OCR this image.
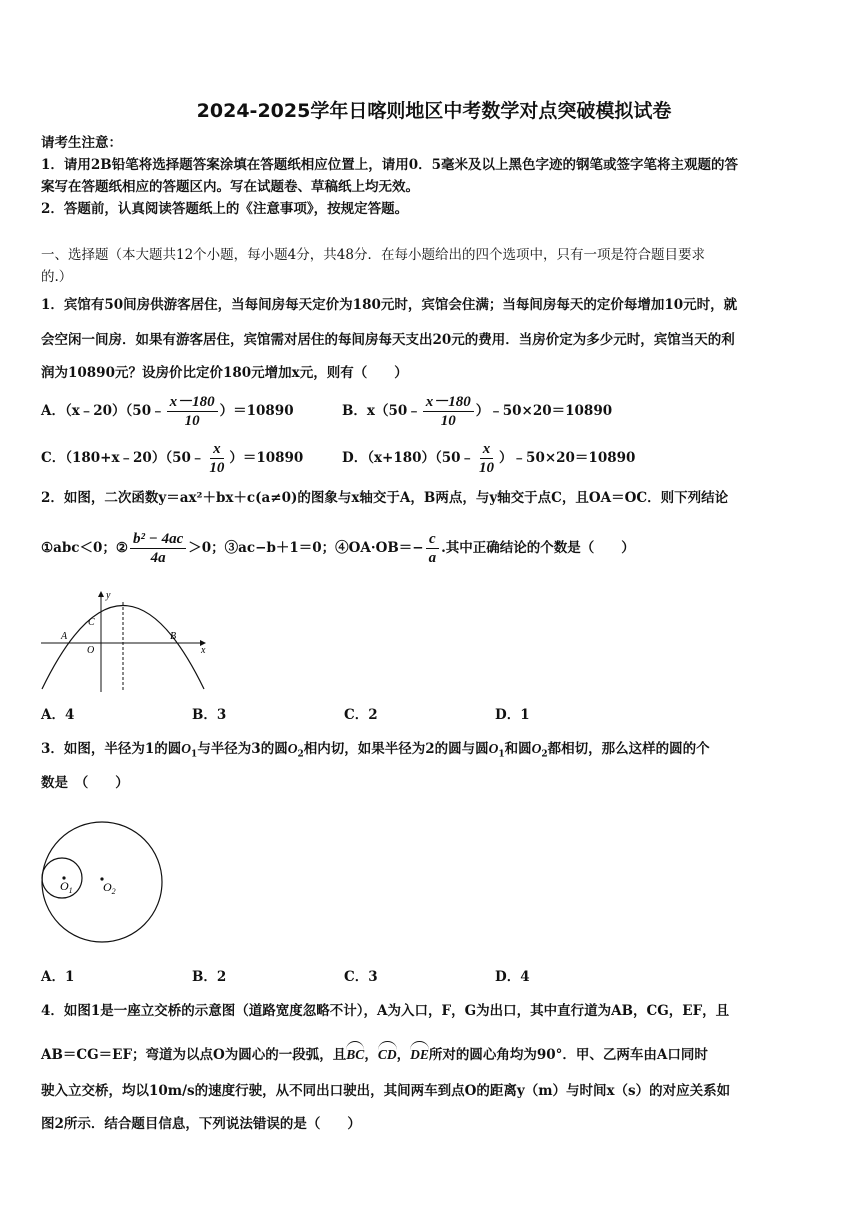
2024-2025学年日喀则地区中考数学对点突破模拟试卷
请考生注意：
1．请用2B铅笔将选择题答案涂填在答题纸相应位置上，请用0．5毫米及以上黑色字迹的钢笔或签字笔将主观题的答
案写在答题纸相应的答题区内。写在试题卷、草稿纸上均无效。
2．答题前，认真阅读答题纸上的《注意事项》，按规定答题。
一、选择题（本大题共12个小题，每小题4分，共48分．在每小题给出的四个选项中，只有一项是符合题目要求
的.）
1．宾馆有50间房供游客居住，当每间房每天定价为180元时，宾馆会住满；当每间房每天的定价每增加10元时，就
会空闲一间房．如果有游客居住，宾馆需对居住的每间房每天支出20元的费用．当房价定为多少元时，宾馆当天的利
润为10890元？设房价比定价180元增加x元，则有（　　）
A．（x﹣20）（50﹣ $\frac{x-180}{10} )=10890$	B．x（50﹣ $\frac{x-180}{10}$ ）﹣50×20＝10890
C．（180+x﹣20）（50﹣ $\frac{x}{10} )=10890$	D．（x+180）（50﹣ $\frac{x}{10}$ ）﹣50×20＝10890
2．如图，二次函数y＝ax²＋bx＋c(a≠0)的图象与x轴交于A，B两点，与y轴交于点C，且OA＝OC．则下列结论
①abc＜0；② $\frac{\text{b² − 4ac}}{4a} >0$；③ac−b＋1＝0；④OA·OB＝− $\frac{c}{a}$ .其中正确结论的个数是（　　）
y
x
C
A	B
O
A．4	B．3	C．2	D．1
3．如图，半径为1的圆$O_1$与半径为3的圆$O_2$相内切，如果半径为2的圆与圆$O_1$和圆$O_2$都相切，那么这样的圆的个
数是　（　　）
$O_1$	$O_2$
A．1	B．2	C．3	D．4
4．如图1是一座立交桥的示意图（道路宽度忽略不计），A为入口，F，G为出口，其中直行道为AB，CG，EF，且
AB＝CG＝EF；弯道为以点O为圆心的一段弧，且BC，CD，DE所对的圆心角均为90°．甲、乙两车由A口同时
驶入立交桥，均以10m/s的速度行驶，从不同出口驶出，其间两车到点O的距离y（m）与时间x（s）的对应关系如
图2所示．结合题目信息，下列说法错误的是（　　）
